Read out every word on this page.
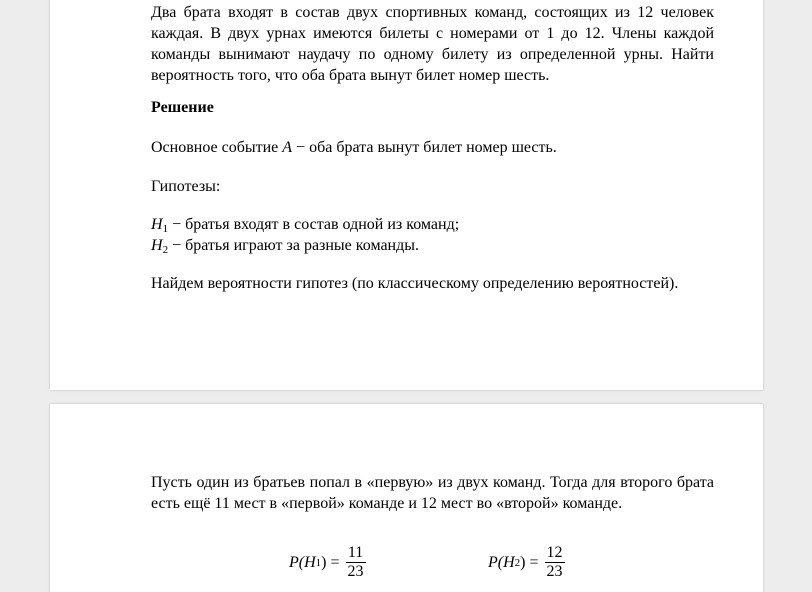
Два брата входят в состав двух спортивных команд, состоящих из 12 человек каждая. В двух урнах имеются билеты с номерами от 1 до 12. Члены каждой команды вынимают наудачу по одному билету из определенной урны. Найти вероятность того, что оба брата вынут билет номер шесть.

Решение

Основное событие A − оба брата вынут билет номер шесть.

Гипотезы:

$H_1$ − братья входят в состав одной из команд;

$H_2$ − братья играют за разные команды.

Найдем вероятности гипотез (по классическому определению вероятностей).

Пусть один из братьев попал в «первую» из двух команд. Тогда для второго брата есть ещё 11 мест в «первой» команде и 12 мест во «второй» команде.

P( H 1 ) = $\frac{11}{23}$	P( H 2 ) = $\frac{12}{23}$
